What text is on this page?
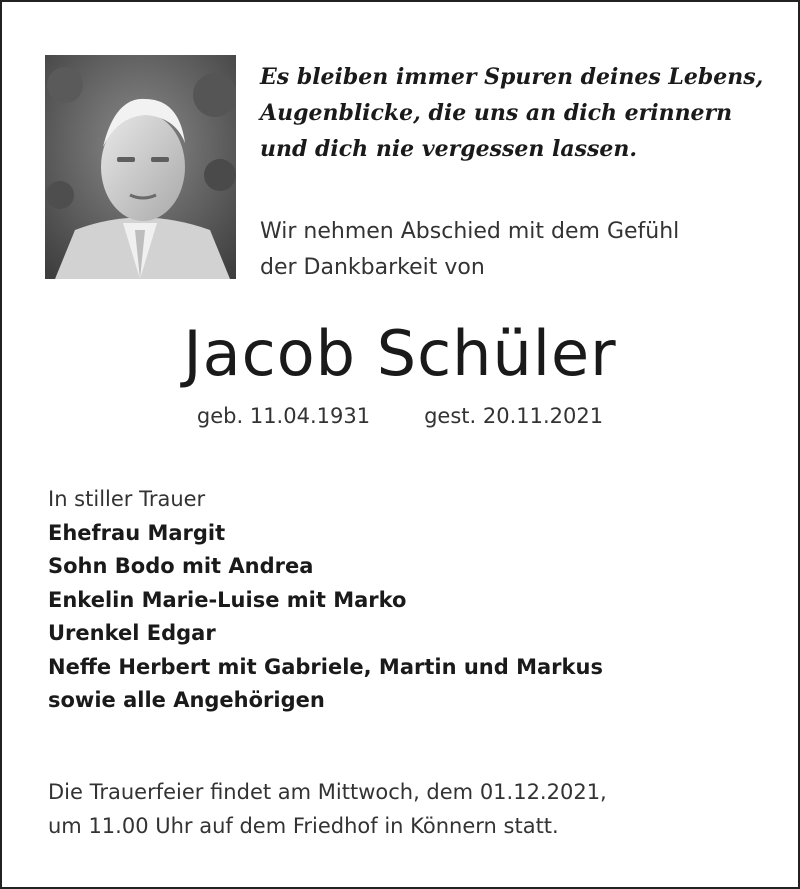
Es bleiben immer Spuren deines Lebens,
Augenblicke, die uns an dich erinnern
und dich nie vergessen lassen.
Wir nehmen Abschied mit dem Gefühl
der Dankbarkeit von
Jacob Schüler
geb. 11.04.1931	gest. 20.11.2021
In stiller Trauer
Ehefrau Margit
Sohn Bodo mit Andrea
Enkelin Marie-Luise mit Marko
Urenkel Edgar
Neffe Herbert mit Gabriele, Martin und Markus
sowie alle Angehörigen
Die Trauerfeier findet am Mittwoch, dem 01.12.2021,
um 11.00 Uhr auf dem Friedhof in Könnern statt.
